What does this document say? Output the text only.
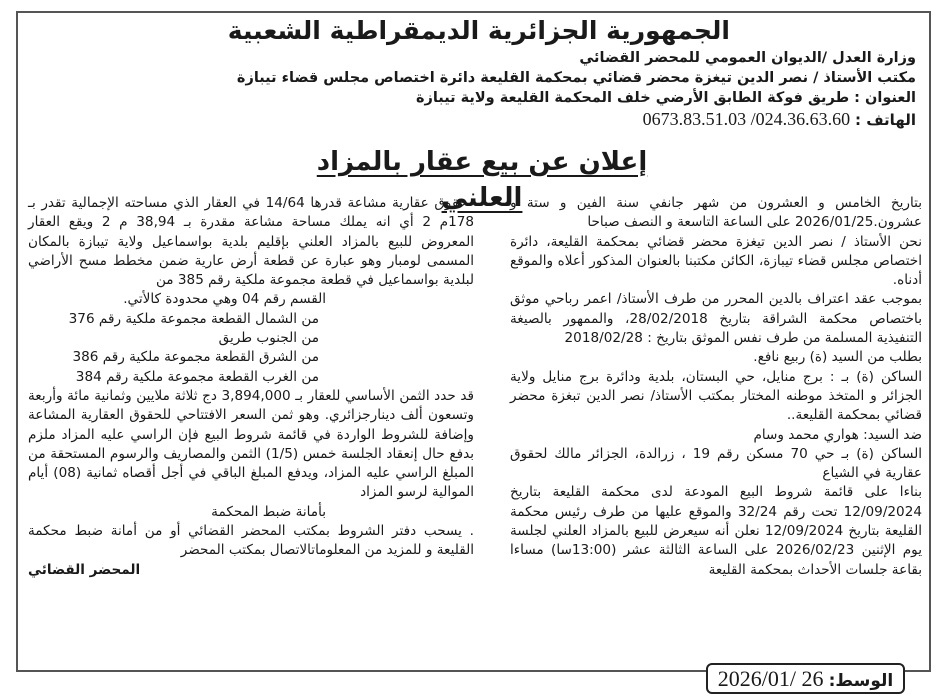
الجمهورية الجزائرية الديمقراطية الشعبية
وزارة العدل /الديوان العمومي للمحضر القضائي
مكتب الأستاذ / نصر الدين تيغزة محضر قضائي بمحكمة القليعة دائرة اختصاص مجلس قضاء تيبازة
العنوان : طريق فوكة الطابق الأرضي خلف المحكمة القليعة ولاية تيبازة
الهاتف : 0673.83.51.03 /024.36.63.60
إعلان عن بيع عقار بالمزاد العلني

بتاريخ الخامس و العشرون من شهر جانفي سنة الفين و ستة و عشرون.2026/01/25 على الساعة التاسعة و النصف صباحا

نحن الأستاذ / نصر الدين تيغزة محضر قضائي بمحكمة القليعة، دائرة اختصاص مجلس قضاء تيبازة، الكائن مكتبنا بالعنوان المذكور أعلاه والموقع أدناه.

بموجب عقد اعتراف بالدين المحرر من طرف الأستاذ/ اعمر رباحي موثق باختصاص محكمة الشراقة بتاريخ 28/02/2018، والممهور بالصيغة التنفيذية المسلمة من طرف نفس الموثق بتاريخ : 2018/02/28

بطلب من السيد (ة) ربيع نافع.

الساكن (ة) بـ : برج منايل، حي البستان، بلدية ودائرة برج منايل ولاية الجزائر و المتخذ موطنه المختار بمكتب الأستاذ/ نصر الدين تبغزة محضر قضائي بمحكمة القليعة..

ضد السيد: هواري محمد وسام

الساكن (ة) بـ حي 70 مسكن رقم 19 ، زرالدة، الجزائر مالك لحقوق عقارية في الشياع

بناءا على قائمة شروط البيع المودعة لدى محكمة القليعة بتاريخ 12/09/2024 تحت رقم 32/24 والموقع عليها من طرف رئيس محكمة القليعة بتاريخ 12/09/2024 نعلن أنه سيعرض للبيع بالمزاد العلني لجلسة يوم الإثنين 2026/02/23 على الساعة الثالثة عشر (13:00سا) مساءا بقاعة جلسات الأحداث بمحكمة القليعة

–حقوق عقارية مشاعة قدرها 14/64 في العقار الذي مساحته الإجمالية تقدر بـ 178م 2 أي انه يملك مساحة مشاعة مقدرة بـ 38,94 م 2 ويقع العقار المعروض للبيع بالمزاد العلني بإقليم بلدية بواسماعيل ولاية تيبازة بالمكان المسمى لومبار وهو عبارة عن قطعة أرض عارية ضمن مخطط مسح الأراضي لبلدية بواسماعيل في قطعة مجموعة ملكية رقم 385 من

القسم رقم 04 وهي محدودة كالأتي.

من الشمال القطعة مجموعة ملكية رقم 376

من الجنوب طريق

من الشرق القطعة مجموعة ملكية رقم 386

من الغرب القطعة مجموعة ملكية رقم 384

قد حدد الثمن الأساسي للعقار بـ 3,894,000 دج ثلاثة ملايين وثمانية مائة وأربعة وتسعون ألف دينارجزائري. وهو ثمن السعر الافتتاحي للحقوق العقارية المشاعة وإضافة للشروط الواردة في قائمة شروط البيع فإن الراسي عليه المزاد ملزم بدفع حال إنعقاد الجلسة خمس (1/5) الثمن والمصاريف والرسوم المستحقة من المبلغ الراسي عليه المزاد، ويدفع المبلغ الباقي في أجل أقصاه ثمانية (08) أيام الموالية لرسو المزاد

بأمانة ضبط المحكمة

. يسحب دفتر الشروط بمكتب المحضر القضائي أو من أمانة ضبط محكمة القليعة و للمزيد من المعلوماتالاتصال بمكتب المحضر

المحضر القضائي

الوسط: 2026/01/ 26
